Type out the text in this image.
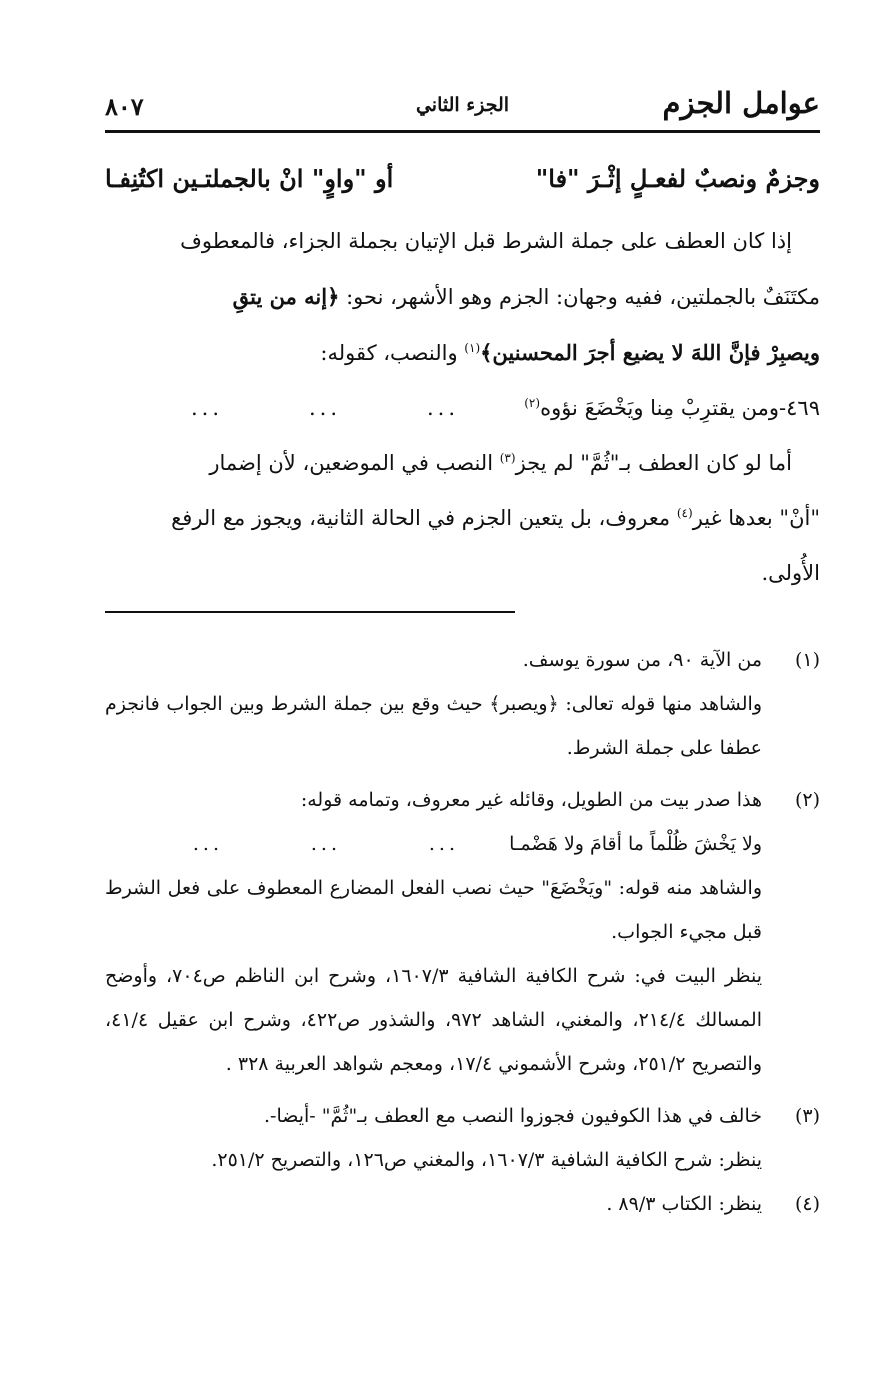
عوامل الجزم
الجزء الثاني
٨٠٧
وجزمٌ ونصبٌ لفعـلٍ إثْـرَ "فا"
أو "واوٍ" انْ بالجملتـين اكتُنِفـا

إذا كان العطف على جملة الشرط قبل الإتيان بجملة الجزاء، فالمعطوف

مكتَنَفٌ بالجملتين، ففيه وجهان: الجزم وهو الأشهر، نحو: ﴿إنه من يتقِ

ويصبِرْ فإنَّ اللهَ لا يضيع أجرَ المحسنين﴾$^{(١)}$ والنصب، كقوله:

٤٦٩-ومن يقترِبْ مِنا ويَخْضَعَ نؤوه$^{(٢)}$
.........

أما لو كان العطف بـ"ثُمَّ" لم يجز$^{(٣)}$ النصب في الموضعين، لأن إضمار

"أنْ" بعدها غير$^{(٤)}$ معروف، بل يتعين الجزم في الحالة الثانية، ويجوز مع الرفع

الأُولى.

(١)

من الآية ٩٠، من سورة يوسف.

والشاهد منها قوله تعالى: ﴿ويصبر﴾ حيث وقع بين جملة الشرط وبين الجواب فانجزم عطفا على جملة الشرط.

(٢)

هذا صدر بيت من الطويل، وقائله غير معروف، وتمامه قوله:

ولا يَخْشَ ظُلْماً ما أقامَ ولا هَضْمـا
.........

والشاهد منه قوله: "ويَخْضَعَ" حيث نصب الفعل المضارع المعطوف على فعل الشرط قبل مجيء الجواب.

ينظر البيت في: شرح الكافية الشافية ١٦٠٧/٣، وشرح ابن الناظم ص٧٠٤، وأوضح المسالك ٢١٤/٤، والمغني، الشاهد ٩٧٢، والشذور ص٤٢٢، وشرح ابن عقيل ٤١/٤، والتصريح ٢٥١/٢، وشرح الأشموني ١٧/٤، ومعجم شواهد العربية ٣٢٨ .

(٣)

خالف في هذا الكوفيون فجوزوا النصب مع العطف بـ"ثُمَّ" -أيضا-.

ينظر: شرح الكافية الشافية ١٦٠٧/٣، والمغني ص١٢٦، والتصريح ٢٥١/٢.

(٤)

ينظر: الكتاب ٨٩/٣ .
